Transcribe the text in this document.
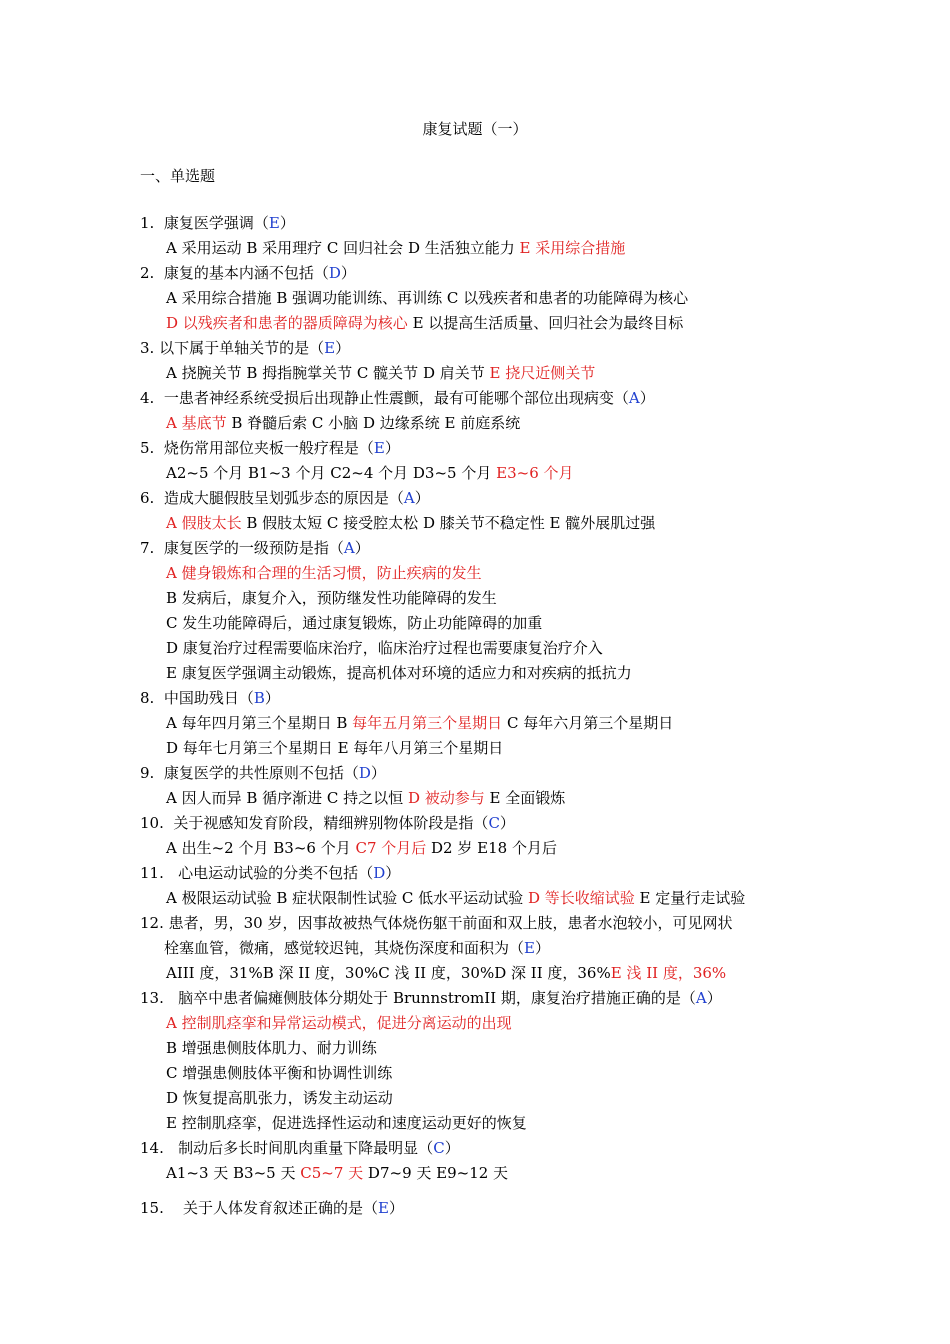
康复试题（一）
一、单选题
1. 康复医学强调（E）
A 采用运动 B 采用理疗 C 回归社会 D 生活独立能力 E 采用综合措施
2. 康复的基本内涵不包括（D）
A 采用综合措施 B 强调功能训练、再训练 C 以残疾者和患者的功能障碍为核心
D 以残疾者和患者的器质障碍为核心 E 以提高生活质量、回归社会为最终目标
3. 以下属于单轴关节的是（E）
A 挠腕关节 B 拇指腕掌关节 C 髋关节 D 肩关节 E 挠尺近侧关节
4. 一患者神经系统受损后出现静止性震颤，最有可能哪个部位出现病变（A）
A 基底节 B 脊髓后索 C 小脑 D 边缘系统 E 前庭系统
5. 烧伤常用部位夹板一般疗程是（E）
A2~5 个月 B1~3 个月 C2~4 个月 D3~5 个月 E3~6 个月
6. 造成大腿假肢呈划弧步态的原因是（A）
A 假肢太长 B 假肢太短 C 接受腔太松 D 膝关节不稳定性 E 髋外展肌过强
7. 康复医学的一级预防是指（A）
A 健身锻炼和合理的生活习惯，防止疾病的发生
B 发病后，康复介入，预防继发性功能障碍的发生
C 发生功能障碍后，通过康复锻炼，防止功能障碍的加重
D 康复治疗过程需要临床治疗，临床治疗过程也需要康复治疗介入
E 康复医学强调主动锻炼，提高机体对环境的适应力和对疾病的抵抗力
8. 中国助残日（B）
A 每年四月第三个星期日 B 每年五月第三个星期日 C 每年六月第三个星期日
D 每年七月第三个星期日 E 每年八月第三个星期日
9. 康复医学的共性原则不包括（D）
A 因人而异 B 循序渐进 C 持之以恒 D 被动参与 E 全面锻炼
10. 关于视感知发育阶段，精细辨别物体阶段是指（C）
A 出生~2 个月 B3~6 个月 C7 个月后 D2 岁 E18 个月后
11. 心电运动试验的分类不包括（D）
A 极限运动试验 B 症状限制性试验 C 低水平运动试验 D 等长收缩试验 E 定量行走试验
12. 患者，男，30 岁，因事故被热气体烧伤躯干前面和双上肢，患者水泡较小，可见网状
栓塞血管，微痛，感觉较迟钝，其烧伤深度和面积为（E）
AIII 度，31%B 深 II 度，30%C 浅 II 度，30%D 深 II 度，36%E 浅 II 度，36%
13. 脑卒中患者偏瘫侧肢体分期处于 BrunnstromII 期，康复治疗措施正确的是（A）
A 控制肌痉挛和异常运动模式，促进分离运动的出现
B 增强患侧肢体肌力、耐力训练
C 增强患侧肢体平衡和协调性训练
D 恢复提高肌张力，诱发主动运动
E 控制肌痉挛，促进选择性运动和速度运动更好的恢复
14. 制动后多长时间肌肉重量下降最明显（C）
A1~3 天 B3~5 天 C5~7 天 D7~9 天 E9~12 天
15. 关于人体发育叙述正确的是（E）
